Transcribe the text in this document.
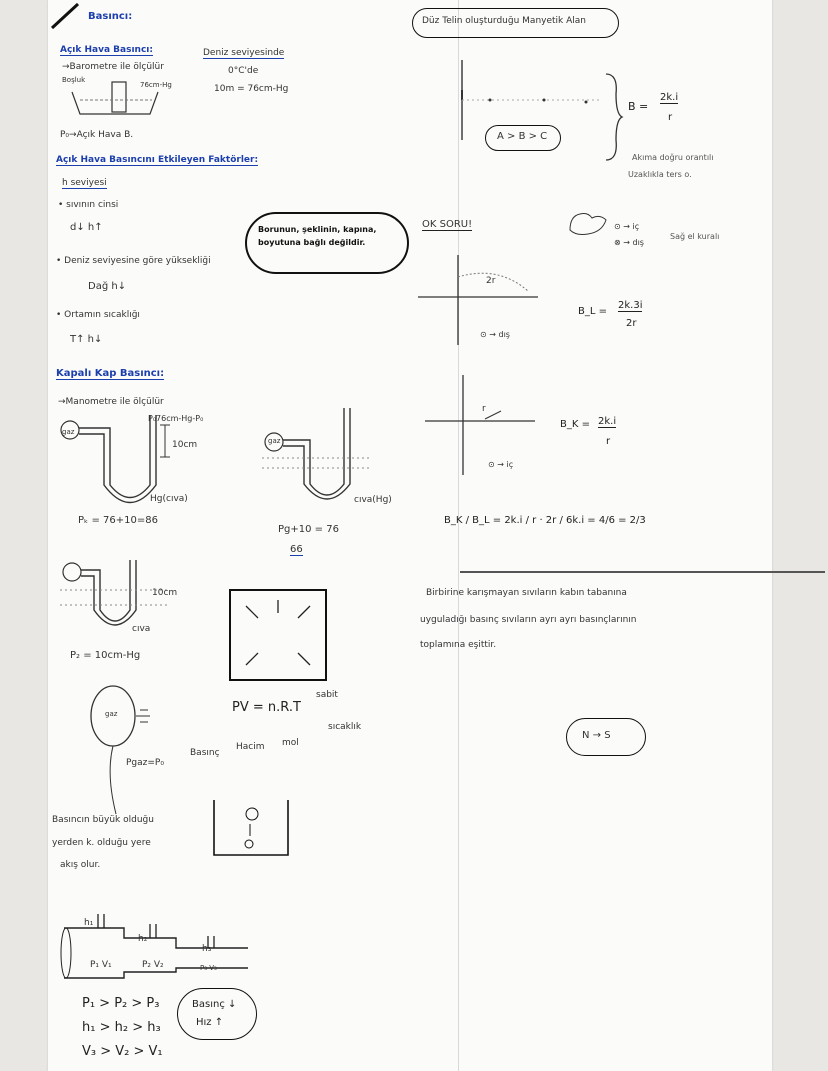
Basıncı:
Açık Hava Basıncı:
→Barometre ile ölçülür
Boşluk
76cm-Hg
Deniz seviyesinde
0°C'de
10m = 76cm-Hg
P₀→Açık Hava B.
Açık Hava Basıncını Etkileyen Faktörler:
h seviyesi
• sıvının cinsi
d↓ h↑	Borunun, şeklinin, kapına, boyutuna bağlı değildir.
• Deniz seviyesine göre yüksekliği
Dağ h↓
• Ortamın sıcaklığı
T↑ h↓
Kapalı Kap Basıncı:
→Manometre ile ölçülür
gaz
P₀76cm-Hg-P₀
10cm
Hg(cıva)
Pₖ = 76+10=86
gaz
cıva(Hg)
Pg+10 = 76
66
10cm
cıva
P₂ = 10cm-Hg
PV = n.R.T
sabit
sıcaklık
mol
Basınç
Hacim
gaz
Pgaz=P₀
Basıncın büyük olduğu
yerden k. olduğu yere
akış olur.
h₁
h₂
h₃
P₁ V₁	P₂ V₂	P₃ V₃
P₁ > P₂ > P₃
h₁ > h₂ > h₃
V₃ > V₂ > V₁
Basınç ↓
Hız ↑
Düz Telin oluşturduğu Manyetik Alan
A > B > C
B =
2k.i
r
Akıma doğru orantılı
Uzaklıkla ters o.
OK SORU!	⊙ → iç
⊗ → dış
Sağ el kuralı
2r
⊙ → dış
B_L =
2k.3i
2r
r
⊙ → iç
B_K = 2k.i
r
B_K / B_L = 2k.i / r · 2r / 6k.i = 4/6 = 2/3
Birbirine karışmayan sıvıların kabın tabanına
uyguladığı basınç sıvıların ayrı ayrı basınçlarının
toplamına eşittir.
N → S
